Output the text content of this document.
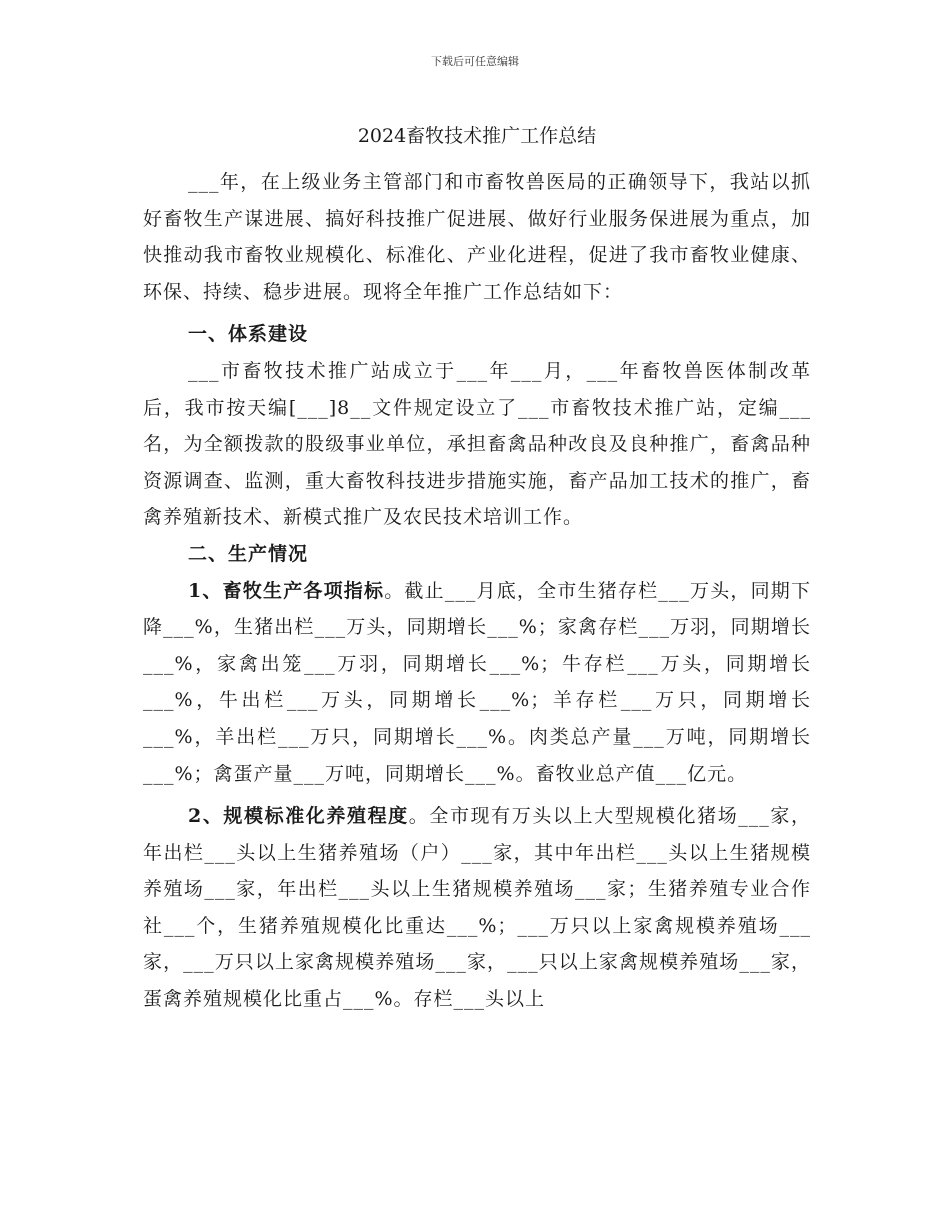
下载后可任意编辑
2024畜牧技术推广工作总结

___年，在上级业务主管部门和市畜牧兽医局的正确领导下，我站以抓好畜牧生产谋进展、搞好科技推广促进展、做好行业服务保进展为重点，加快推动我市畜牧业规模化、标准化、产业化进程，促进了我市畜牧业健康、环保、持续、稳步进展。现将全年推广工作总结如下：

一、体系建设

___市畜牧技术推广站成立于___年___月，___年畜牧兽医体制改革后，我市按天编[___]8__文件规定设立了___市畜牧技术推广站，定编___名，为全额拨款的股级事业单位，承担畜禽品种改良及良种推广，畜禽品种资源调查、监测，重大畜牧科技进步措施实施，畜产品加工技术的推广，畜禽养殖新技术、新模式推广及农民技术培训工作。

二、生产情况

1、畜牧生产各项指标。截止___月底，全市生猪存栏___万头，同期下降___%，生猪出栏___万头，同期增长___%；家禽存栏___万羽，同期增长___%，家禽出笼___万羽，同期增长___%；牛存栏___万头，同期增长___%，牛出栏___万头，同期增长___%；羊存栏___万只，同期增长___%，羊出栏___万只，同期增长___%。肉类总产量___万吨，同期增长___%；禽蛋产量___万吨，同期增长___%。畜牧业总产值___亿元。

2、规模标准化养殖程度。全市现有万头以上大型规模化猪场___家，年出栏___头以上生猪养殖场（户）___家，其中年出栏___头以上生猪规模养殖场___家，年出栏___头以上生猪规模养殖场___家；生猪养殖专业合作社___个，生猪养殖规模化比重达___%；___万只以上家禽规模养殖场___家，___万只以上家禽规模养殖场___家，___只以上家禽规模养殖场___家，蛋禽养殖规模化比重占___%。存栏___头以上
